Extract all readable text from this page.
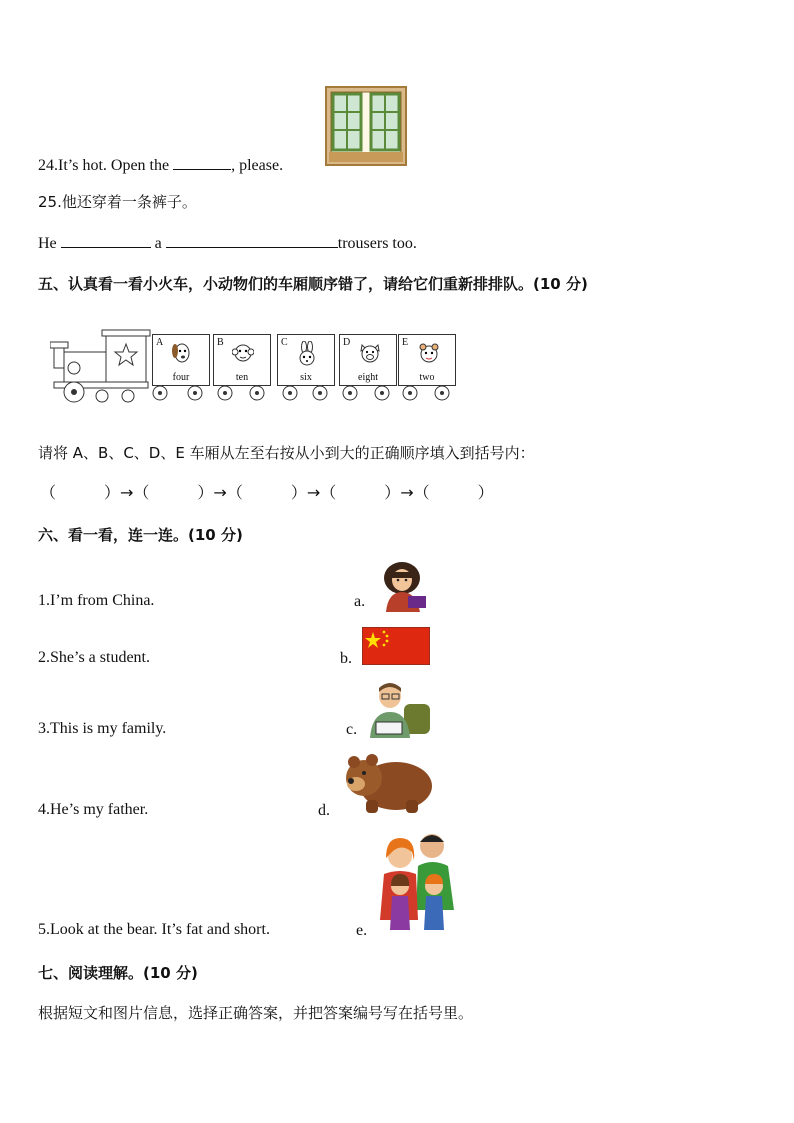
24.It’s hot. Open the	, please.
25.他还穿着一条裤子。
He	a	trousers too.
五、认真看一看小火车，小动物们的车厢顺序错了，请给它们重新排排队。(10 分)
A
four
B
ten
C
six
D
eight
E
two
请将 A、B、C、D、E 车厢从左至右按从小到大的正确顺序填入到括号内：
（　　　）→（　　　）→（　　　）→（　　　）→（　　　）
六、看一看，连一连。(10 分)
1.I’m from China.	a.
2.She’s a student.	b.
3.This is my family.	c.
4.He’s my father.	d.
5.Look at the bear. It’s fat and short.	e.
七、阅读理解。(10 分)
根据短文和图片信息，选择正确答案，并把答案编号写在括号里。
